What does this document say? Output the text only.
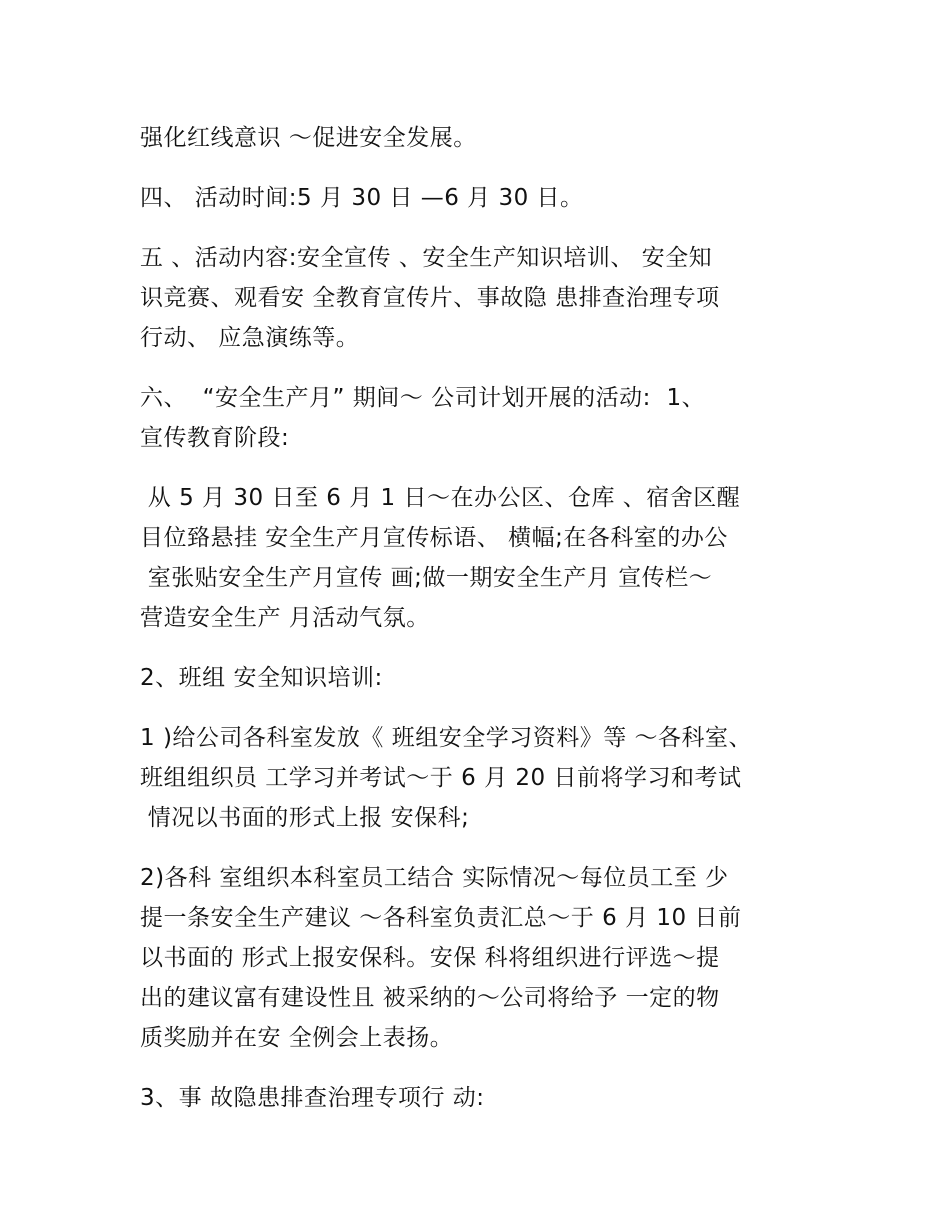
强化红线意识 ～促进安全发展。
四、 活动时间:5 月 30 日 —6 月 30 日。
五 、活动内容:安全宣传 、安全生产知识培训、 安全知
识竞赛、观看安 全教育宣传片、事故隐 患排查治理专项
行动、 应急演练等。
六、  “安全生产月” 期间～ 公司计划开展的活动:  1、
宣传教育阶段:
从 5 月 30 日至 6 月 1 日～在办公区、仓库 、宿舍区醒
目位臵悬挂 安全生产月宣传标语、 横幅;在各科室的办公
室张贴安全生产月宣传 画;做一期安全生产月 宣传栏～
营造安全生产 月活动气氛。
2、班组 安全知识培训:
1 )给公司各科室发放《 班组安全学习资料》等 ～各科室、
班组组织员 工学习并考试～于 6 月 20 日前将学习和考试
情况以书面的形式上报 安保科;
2)各科 室组织本科室员工结合 实际情况～每位员工至 少
提一条安全生产建议 ～各科室负责汇总～于 6 月 10 日前
以书面的 形式上报安保科。安保 科将组织进行评选～提
出的建议富有建设性且 被采纳的～公司将给予 一定的物
质奖励并在安 全例会上表扬。
3、事 故隐患排查治理专项行 动:
